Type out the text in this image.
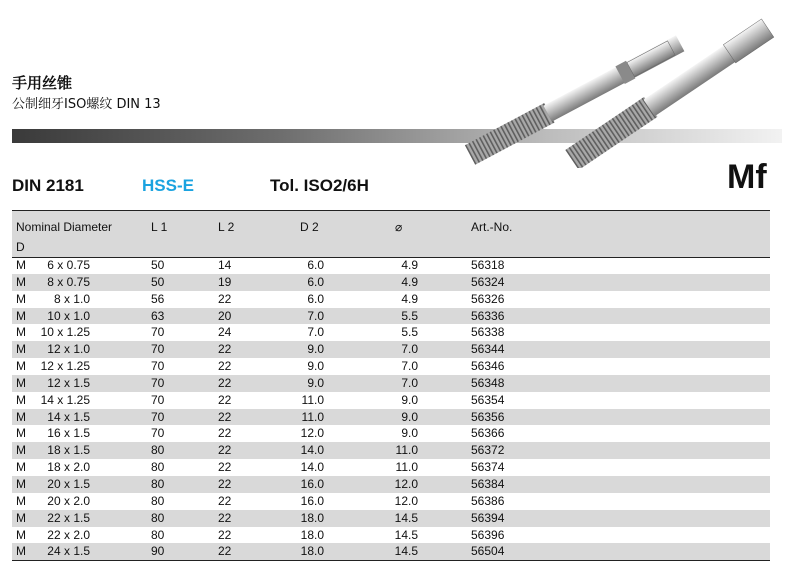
手用丝锥
公制细牙ISO螺纹 DIN 13
DIN 2181	HSS-E	Tol. ISO2/6H	Mf
Nominal Diameter
D
L 1	L 2	D 2	⌀	Art.-No.
M	6 x 0.75	50	14	6.0	4.9	56318
M	8 x 0.75	50	19	6.0	4.9	56324
M	8 x 1.0	56	22	6.0	4.9	56326
M	10 x 1.0	63	20	7.0	5.5	56336
M	10 x 1.25	70	24	7.0	5.5	56338
M	12 x 1.0	70	22	9.0	7.0	56344
M	12 x 1.25	70	22	9.0	7.0	56346
M	12 x 1.5	70	22	9.0	7.0	56348
M	14 x 1.25	70	22	11.0	9.0	56354
M	14 x 1.5	70	22	11.0	9.0	56356
M	16 x 1.5	70	22	12.0	9.0	56366
M	18 x 1.5	80	22	14.0	11.0	56372
M	18 x 2.0	80	22	14.0	11.0	56374
M	20 x 1.5	80	22	16.0	12.0	56384
M	20 x 2.0	80	22	16.0	12.0	56386
M	22 x 1.5	80	22	18.0	14.5	56394
M	22 x 2.0	80	22	18.0	14.5	56396
M	24 x 1.5	90	22	18.0	14.5	56504
